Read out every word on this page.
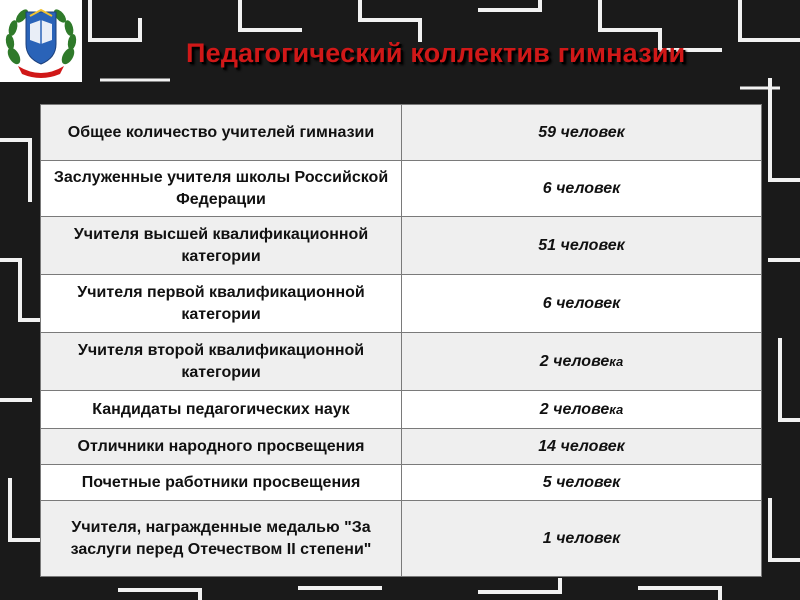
Педагогический коллектив гимназии
Общее количество учителей гимназии	59 человек
Заслуженные учителя школы Российской Федерации	6 человек
Учителя высшей квалификационной категории	51 человек
Учителя первой квалификационной категории	6 человек
Учителя второй квалификационной категории	2 человека
Кандидаты педагогических наук	2 человека
Отличники народного просвещения	14 человек
Почетные работники просвещения	5 человек
Учителя, награжденные медалью "За заслуги перед Отечеством II степени"	1 человек
